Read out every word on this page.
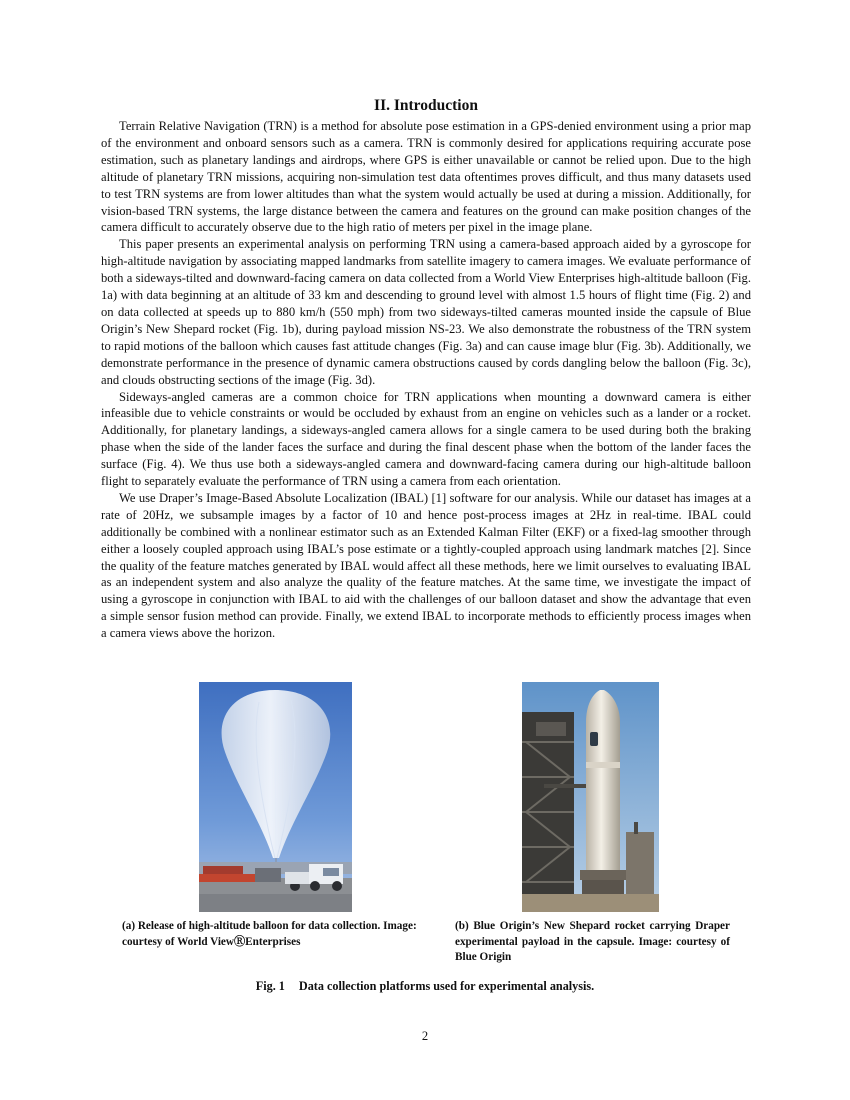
II. Introduction

Terrain Relative Navigation (TRN) is a method for absolute pose estimation in a GPS-denied environment using a prior map of the environment and onboard sensors such as a camera. TRN is commonly desired for applications requiring accurate pose estimation, such as planetary landings and airdrops, where GPS is either unavailable or cannot be relied upon. Due to the high altitude of planetary TRN missions, acquiring non-simulation test data oftentimes proves difficult, and thus many datasets used to test TRN systems are from lower altitudes than what the system would actually be used at during a mission. Additionally, for vision-based TRN systems, the large distance between the camera and features on the ground can make position changes of the camera difficult to accurately observe due to the high ratio of meters per pixel in the image plane.

This paper presents an experimental analysis on performing TRN using a camera-based approach aided by a gyroscope for high-altitude navigation by associating mapped landmarks from satellite imagery to camera images. We evaluate performance of both a sideways-tilted and downward-facing camera on data collected from a World View Enterprises high-altitude balloon (Fig. 1a) with data beginning at an altitude of 33 km and descending to ground level with almost 1.5 hours of flight time (Fig. 2) and on data collected at speeds up to 880 km/h (550 mph) from two sideways-tilted cameras mounted inside the capsule of Blue Origin’s New Shepard rocket (Fig. 1b), during payload mission NS-23. We also demonstrate the robustness of the TRN system to rapid motions of the balloon which causes fast attitude changes (Fig. 3a) and can cause image blur (Fig. 3b). Additionally, we demonstrate performance in the presence of dynamic camera obstructions caused by cords dangling below the balloon (Fig. 3c), and clouds obstructing sections of the image (Fig. 3d).

Sideways-angled cameras are a common choice for TRN applications when mounting a downward camera is either infeasible due to vehicle constraints or would be occluded by exhaust from an engine on vehicles such as a lander or a rocket. Additionally, for planetary landings, a sideways-angled camera allows for a single camera to be used during both the braking phase when the side of the lander faces the surface and during the final descent phase when the bottom of the lander faces the surface (Fig. 4). We thus use both a sideways-angled camera and downward-facing camera during our high-altitude balloon flight to separately evaluate the performance of TRN using a camera from each orientation.

We use Draper’s Image-Based Absolute Localization (IBAL) [1] software for our analysis. While our dataset has images at a rate of 20Hz, we subsample images by a factor of 10 and hence post-process images at 2Hz in real-time. IBAL could additionally be combined with a nonlinear estimator such as an Extended Kalman Filter (EKF) or a fixed-lag smoother through either a loosely coupled approach using IBAL’s pose estimate or a tightly-coupled approach using landmark matches [2]. Since the quality of the feature matches generated by IBAL would affect all these methods, here we limit ourselves to evaluating IBAL as an independent system and also analyze the quality of the feature matches. At the same time, we investigate the impact of using a gyroscope in conjunction with IBAL to aid with the challenges of our balloon dataset and show the advantage that even a simple sensor fusion method can provide. Finally, we extend IBAL to incorporate methods to efficiently process images when a camera views above the horizon.

(a) Release of high-altitude balloon for data collection. Image: courtesy of World ViewⓇEnterprises
(b) Blue Origin’s New Shepard rocket carrying Draper experimental payload in the capsule. Image: courtesy of Blue Origin
Fig. 1 Data collection platforms used for experimental analysis.
2
